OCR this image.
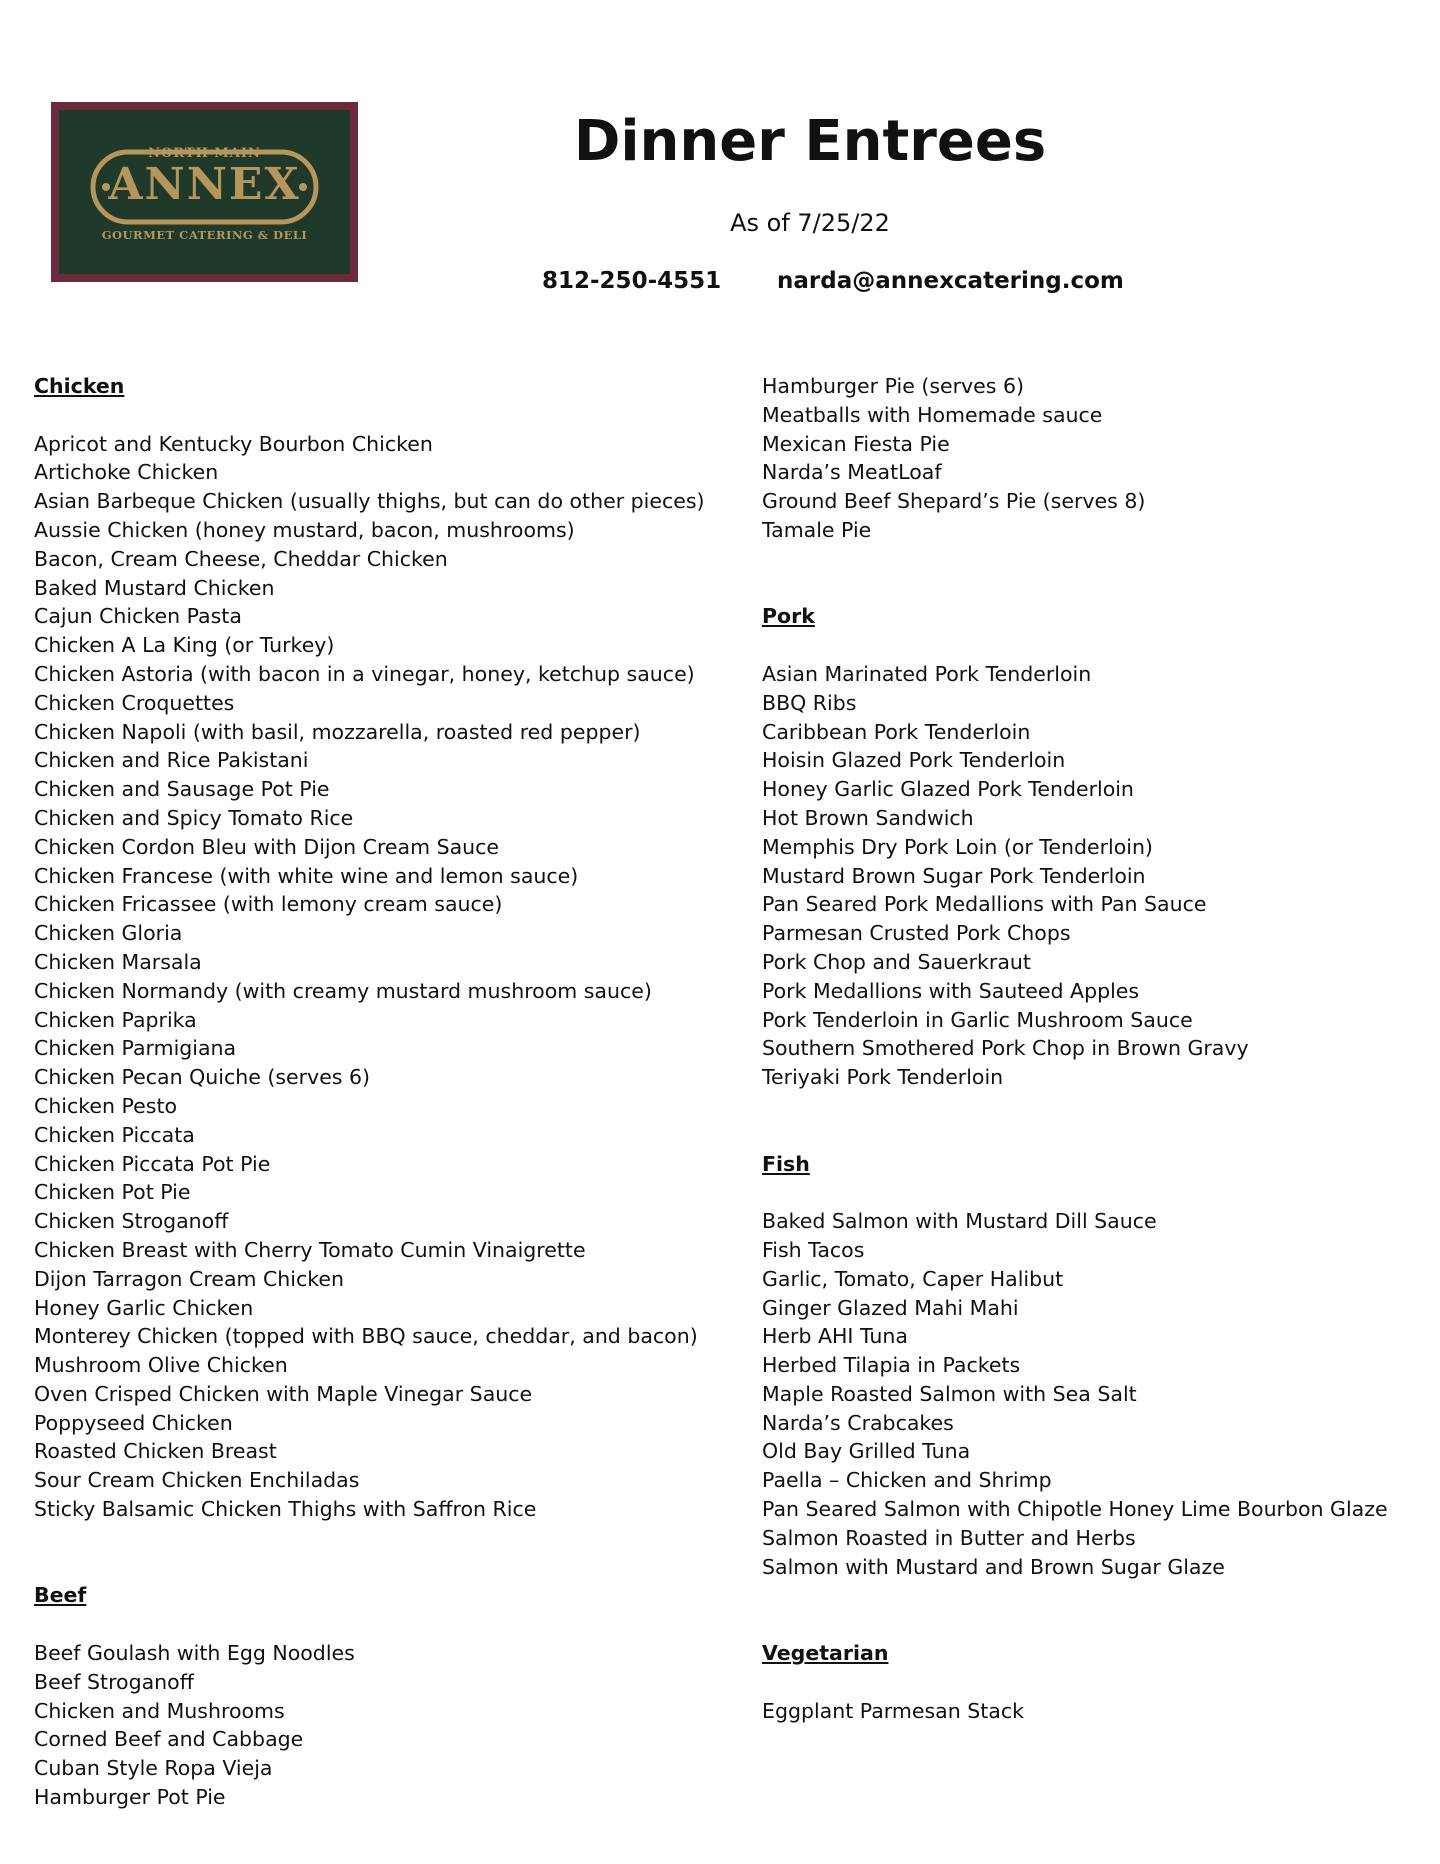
NORTH MAIN
ANNEX
GOURMET CATERING & DELI
Dinner Entrees
As of 7/25/22
812-250-4551 narda@annexcatering.com
Chicken
Apricot and Kentucky Bourbon Chicken
Artichoke Chicken
Asian Barbeque Chicken (usually thighs, but can do other pieces)
Aussie Chicken (honey mustard, bacon, mushrooms)
Bacon, Cream Cheese, Cheddar Chicken
Baked Mustard Chicken
Cajun Chicken Pasta
Chicken A La King (or Turkey)
Chicken Astoria (with bacon in a vinegar, honey, ketchup sauce)
Chicken Croquettes
Chicken Napoli (with basil, mozzarella, roasted red pepper)
Chicken and Rice Pakistani
Chicken and Sausage Pot Pie
Chicken and Spicy Tomato Rice
Chicken Cordon Bleu with Dijon Cream Sauce
Chicken Francese (with white wine and lemon sauce)
Chicken Fricassee (with lemony cream sauce)
Chicken Gloria
Chicken Marsala
Chicken Normandy (with creamy mustard mushroom sauce)
Chicken Paprika
Chicken Parmigiana
Chicken Pecan Quiche (serves 6)
Chicken Pesto
Chicken Piccata
Chicken Piccata Pot Pie
Chicken Pot Pie
Chicken Stroganoff
Chicken Breast with Cherry Tomato Cumin Vinaigrette
Dijon Tarragon Cream Chicken
Honey Garlic Chicken
Monterey Chicken (topped with BBQ sauce, cheddar, and bacon)
Mushroom Olive Chicken
Oven Crisped Chicken with Maple Vinegar Sauce
Poppyseed Chicken
Roasted Chicken Breast
Sour Cream Chicken Enchiladas
Sticky Balsamic Chicken Thighs with Saffron Rice
Beef
Beef Goulash with Egg Noodles
Beef Stroganoff
Chicken and Mushrooms
Corned Beef and Cabbage
Cuban Style Ropa Vieja
Hamburger Pot Pie
Hamburger Pie (serves 6)
Meatballs with Homemade sauce
Mexican Fiesta Pie
Narda’s MeatLoaf
Ground Beef Shepard’s Pie (serves 8)
Tamale Pie
Pork
Asian Marinated Pork Tenderloin
BBQ Ribs
Caribbean Pork Tenderloin
Hoisin Glazed Pork Tenderloin
Honey Garlic Glazed Pork Tenderloin
Hot Brown Sandwich
Memphis Dry Pork Loin (or Tenderloin)
Mustard Brown Sugar Pork Tenderloin
Pan Seared Pork Medallions with Pan Sauce
Parmesan Crusted Pork Chops
Pork Chop and Sauerkraut
Pork Medallions with Sauteed Apples
Pork Tenderloin in Garlic Mushroom Sauce
Southern Smothered Pork Chop in Brown Gravy
Teriyaki Pork Tenderloin
Fish
Baked Salmon with Mustard Dill Sauce
Fish Tacos
Garlic, Tomato, Caper Halibut
Ginger Glazed Mahi Mahi
Herb AHI Tuna
Herbed Tilapia in Packets
Maple Roasted Salmon with Sea Salt
Narda’s Crabcakes
Old Bay Grilled Tuna
Paella – Chicken and Shrimp
Pan Seared Salmon with Chipotle Honey Lime Bourbon Glaze
Salmon Roasted in Butter and Herbs
Salmon with Mustard and Brown Sugar Glaze
Vegetarian
Eggplant Parmesan Stack
